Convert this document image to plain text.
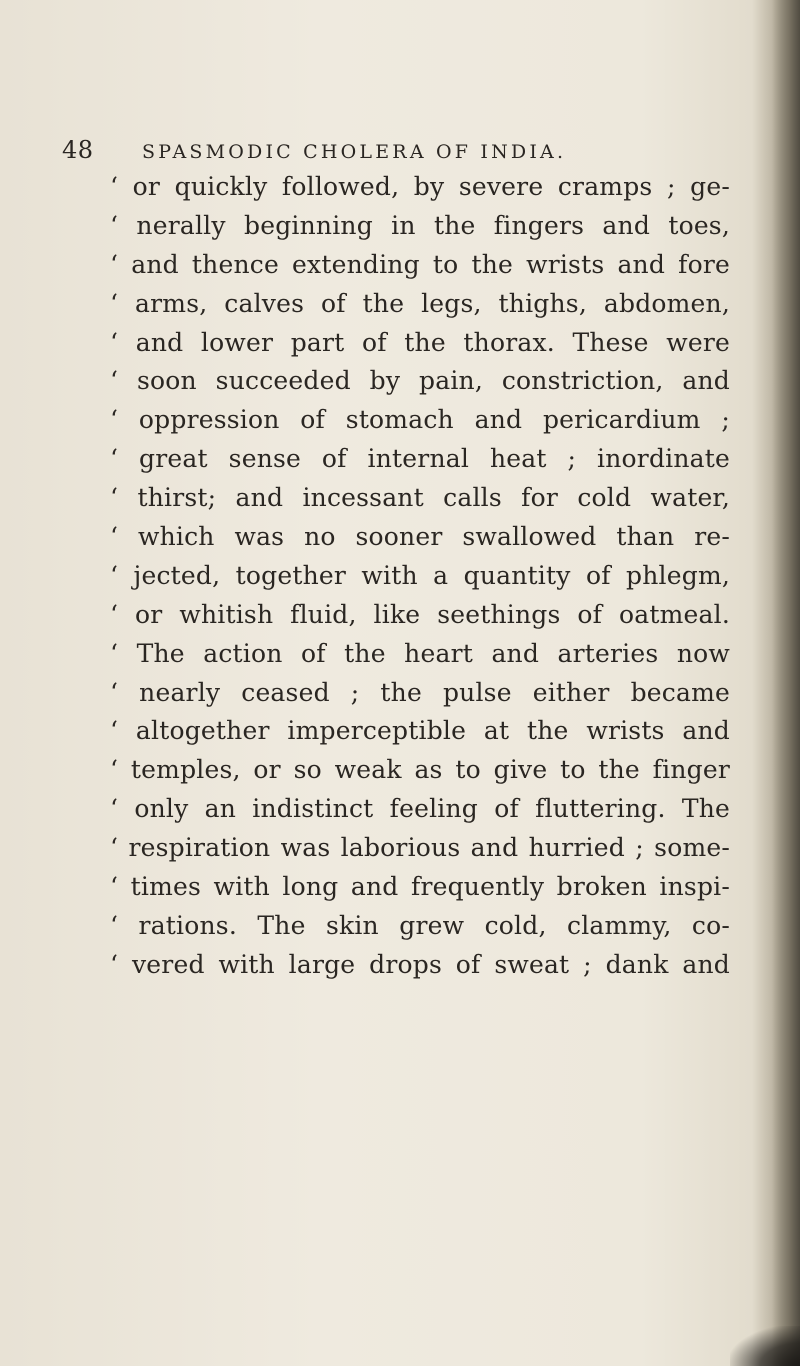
48	SPASMODIC CHOLERA OF INDIA.
‘ or quickly followed, by severe cramps ; ge-
‘ nerally beginning in the fingers and toes,
‘ and thence extending to the wrists and fore
‘ arms, calves of the legs, thighs, abdomen,
‘ and lower part of the thorax. These were
‘ soon succeeded by pain, constriction, and
‘ oppression of stomach and pericardium ;
‘ great sense of internal heat ; inordinate
‘ thirst; and incessant calls for cold water,
‘ which was no sooner swallowed than re-
‘ jected, together with a quantity of phlegm,
‘ or whitish fluid, like seethings of oatmeal.
‘ The action of the heart and arteries now
‘ nearly ceased ; the pulse either became
‘ altogether imperceptible at the wrists and
‘ temples, or so weak as to give to the finger
‘ only an indistinct feeling of fluttering. The
‘ respiration was laborious and hurried ; some-
‘ times with long and frequently broken inspi-
‘ rations. The skin grew cold, clammy, co-
‘ vered with large drops of sweat ; dank and
